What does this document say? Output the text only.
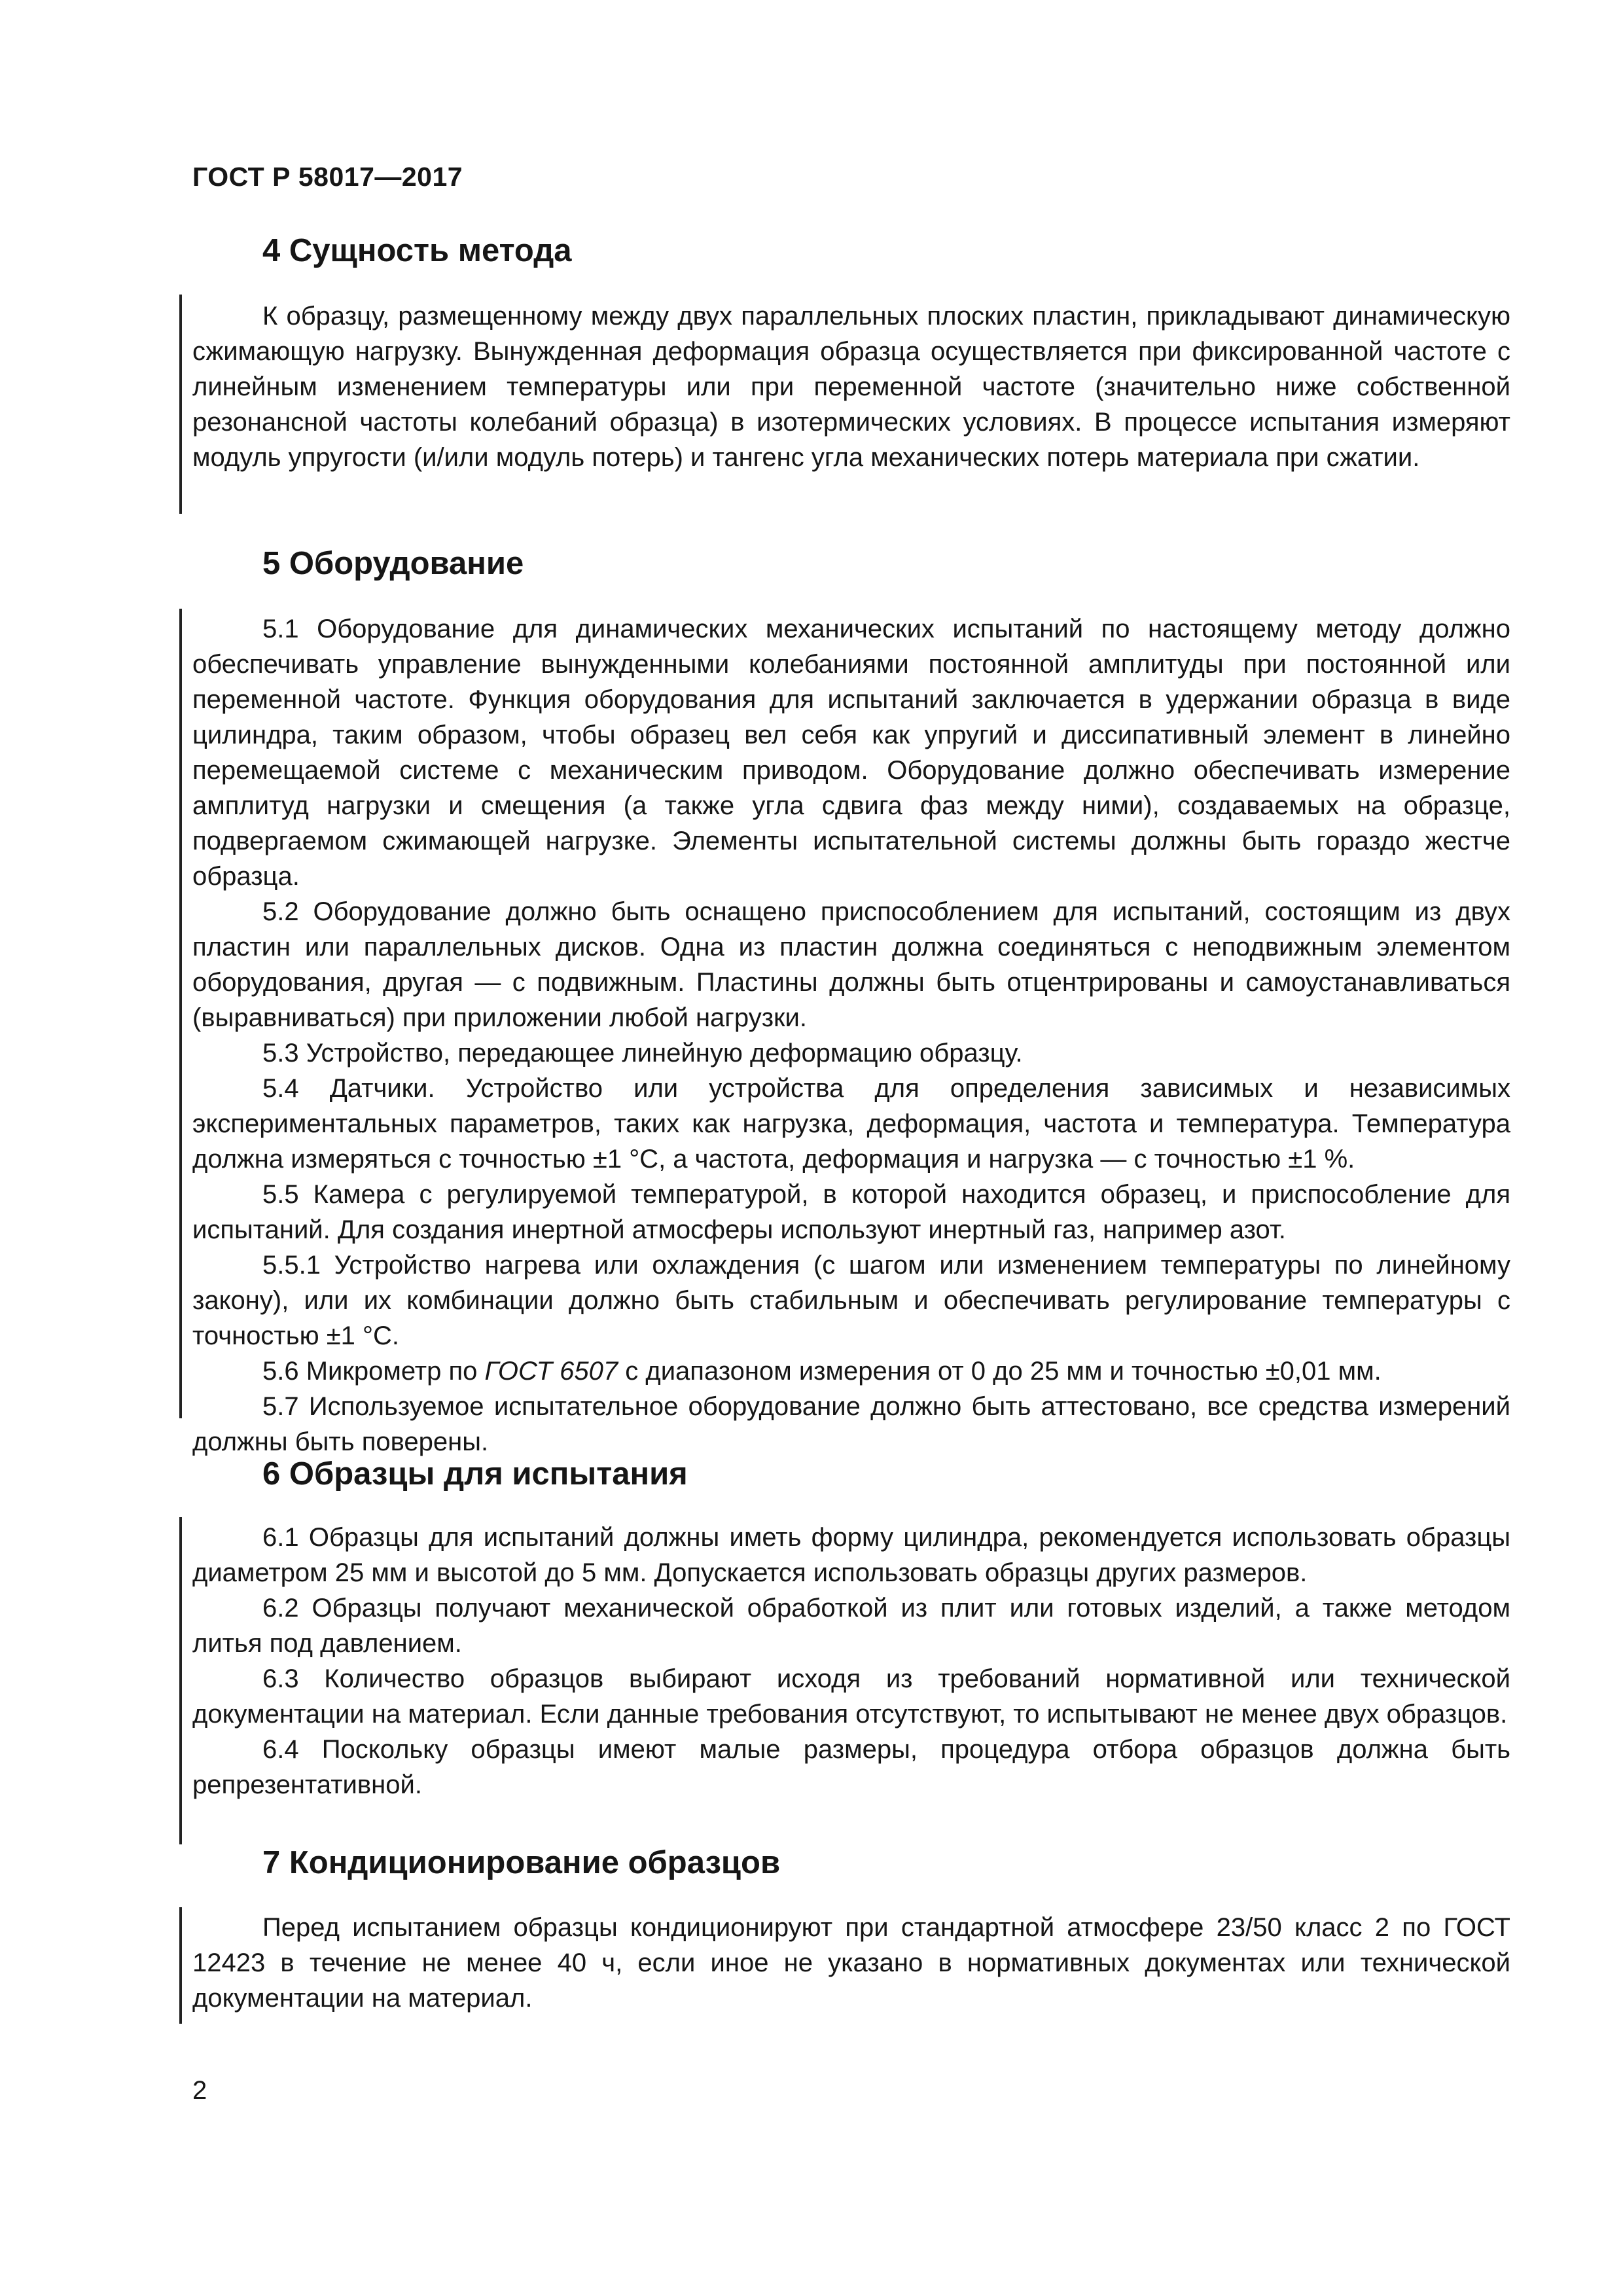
ГОСТ Р 58017—2017
4 Сущность метода

К образцу, размещенному между двух параллельных плоских пластин, прикладывают динамическую сжимающую нагрузку. Вынужденная деформация образца осуществляется при фиксированной частоте с линейным изменением температуры или при переменной частоте (значительно ниже собственной резонансной частоты колебаний образца) в изотермических условиях. В процессе испытания измеряют модуль упругости (и/или модуль потерь) и тангенс угла механических потерь материала при сжатии.

5 Оборудование

5.1 Оборудование для динамических механических испытаний по настоящему методу должно обеспечивать управление вынужденными колебаниями постоянной амплитуды при постоянной или переменной частоте. Функция оборудования для испытаний заключается в удержании образца в виде цилиндра, таким образом, чтобы образец вел себя как упругий и диссипативный элемент в линейно перемещаемой системе с механическим приводом. Оборудование должно обеспечивать измерение амплитуд нагрузки и смещения (а также угла сдвига фаз между ними), создаваемых на образце, подвергаемом сжимающей нагрузке. Элементы испытательной системы должны быть гораздо жестче образца.

5.2 Оборудование должно быть оснащено приспособлением для испытаний, состоящим из двух пластин или параллельных дисков. Одна из пластин должна соединяться с неподвижным элементом оборудования, другая — с подвижным. Пластины должны быть отцентрированы и самоустанавливаться (выравниваться) при приложении любой нагрузки.

5.3 Устройство, передающее линейную деформацию образцу.

5.4 Датчики. Устройство или устройства для определения зависимых и независимых экспериментальных параметров, таких как нагрузка, деформация, частота и температура. Температура должна измеряться с точностью ±1 °С, а частота, деформация и нагрузка — с точностью ±1 %.

5.5 Камера с регулируемой температурой, в которой находится образец, и приспособление для испытаний. Для создания инертной атмосферы используют инертный газ, например азот.

5.5.1 Устройство нагрева или охлаждения (с шагом или изменением температуры по линейному закону), или их комбинации должно быть стабильным и обеспечивать регулирование температуры с точностью ±1 °С.

5.6 Микрометр по ГОСТ 6507 с диапазоном измерения от 0 до 25 мм и точностью ±0,01 мм.

5.7 Используемое испытательное оборудование должно быть аттестовано, все средства измерений должны быть поверены.

6 Образцы для испытания

6.1 Образцы для испытаний должны иметь форму цилиндра, рекомендуется использовать образцы диаметром 25 мм и высотой до 5 мм. Допускается использовать образцы других размеров.

6.2 Образцы получают механической обработкой из плит или готовых изделий, а также методом литья под давлением.

6.3 Количество образцов выбирают исходя из требований нормативной или технической документации на материал. Если данные требования отсутствуют, то испытывают не менее двух образцов.

6.4 Поскольку образцы имеют малые размеры, процедура отбора образцов должна быть репрезентативной.

7 Кондиционирование образцов

Перед испытанием образцы кондиционируют при стандартной атмосфере 23/50 класс 2 по ГОСТ 12423 в течение не менее 40 ч, если иное не указано в нормативных документах или технической документации на материал.

2
